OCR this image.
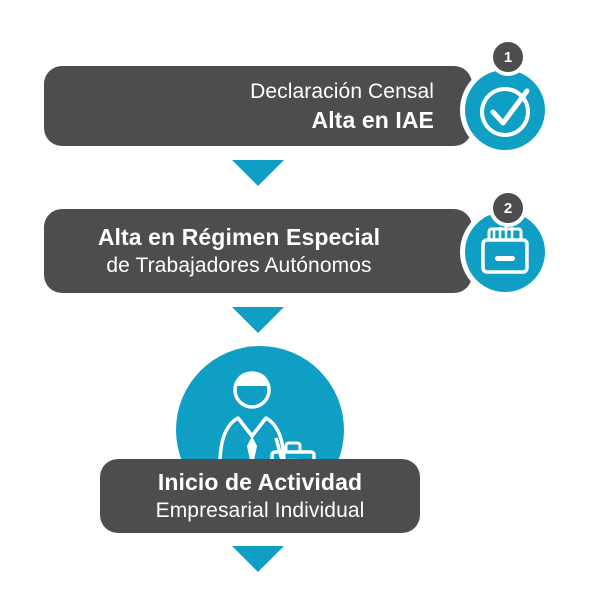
Declaración Censal
Alta en IAE
1
Alta en Régimen Especial
de Trabajadores Autónomos
2
Inicio de Actividad
Empresarial Individual
